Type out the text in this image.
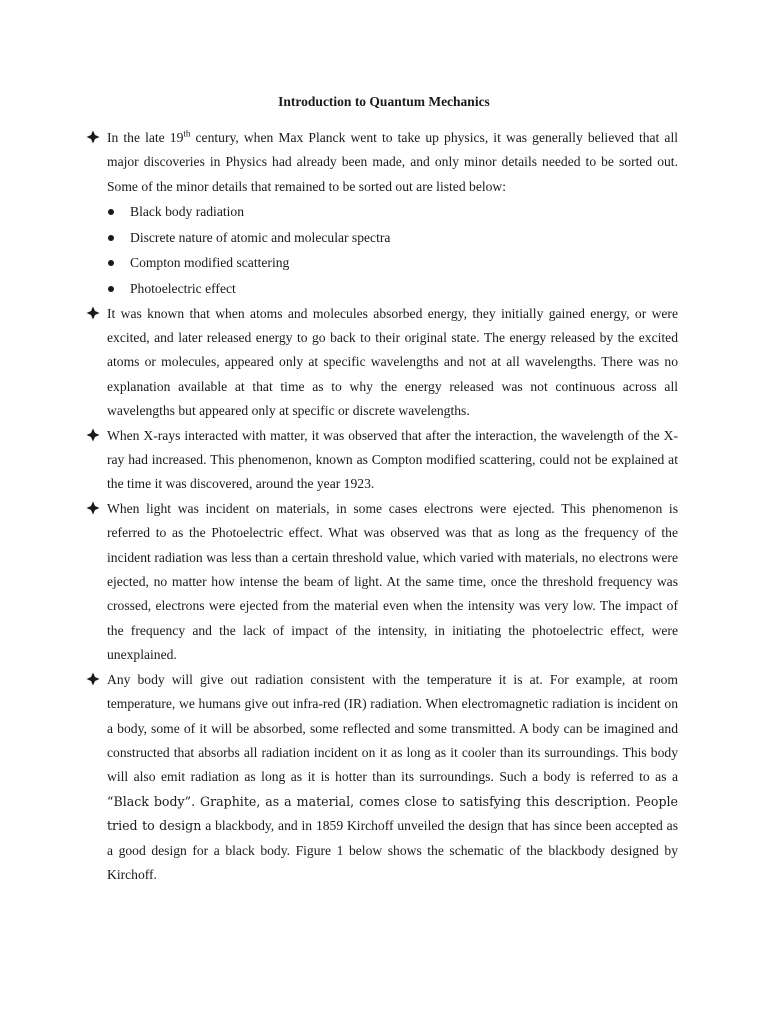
Introduction to Quantum Mechanics

In the late 19th century, when Max Planck went to take up physics, it was generally believed that all major discoveries in Physics had already been made, and only minor details needed to be sorted out. Some of the minor details that remained to be sorted out are listed below:

Black body radiation
Discrete nature of atomic and molecular spectra
Compton modified scattering
Photoelectric effect

It was known that when atoms and molecules absorbed energy, they initially gained energy, or were excited, and later released energy to go back to their original state. The energy released by the excited atoms or molecules, appeared only at specific wavelengths and not at all wavelengths. There was no explanation available at that time as to why the energy released was not continuous across all wavelengths but appeared only at specific or discrete wavelengths.

When X-rays interacted with matter, it was observed that after the interaction, the wavelength of the X-ray had increased. This phenomenon, known as Compton modified scattering, could not be explained at the time it was discovered, around the year 1923.

When light was incident on materials, in some cases electrons were ejected. This phenomenon is referred to as the Photoelectric effect. What was observed was that as long as the frequency of the incident radiation was less than a certain threshold value, which varied with materials, no electrons were ejected, no matter how intense the beam of light. At the same time, once the threshold frequency was crossed, electrons were ejected from the material even when the intensity was very low. The impact of the frequency and the lack of impact of the intensity, in initiating the photoelectric effect, were unexplained.

Any body will give out radiation consistent with the temperature it is at. For example, at room temperature, we humans give out infra-red (IR) radiation. When electromagnetic radiation is incident on a body, some of it will be absorbed, some reflected and some transmitted. A body can be imagined and constructed that absorbs all radiation incident on it as long as it cooler than its surroundings. This body will also emit radiation as long as it is hotter than its surroundings. Such a body is referred to as a “Black body”. Graphite, as a material, comes close to satisfying this description. People tried to design a blackbody, and in 1859 Kirchoff unveiled the design that has since been accepted as a good design for a black body. Figure 1 below shows the schematic of the blackbody designed by Kirchoff.
